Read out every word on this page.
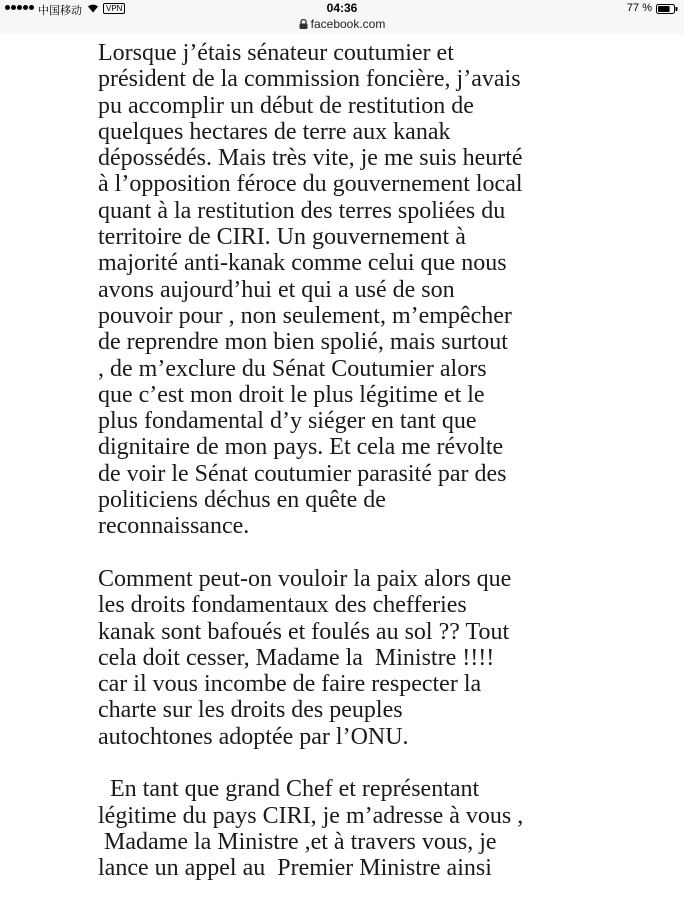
中国移动	VPN	04:36	77 %
facebook.com
Lorsque j’étais sénateur coutumier et
président de la commission foncière, j’avais
pu accomplir un début de restitution de
quelques hectares de terre aux kanak
dépossédés. Mais très vite, je me suis heurté
à l’opposition féroce du gouvernement local
quant à la restitution des terres spoliées du
territoire de CIRI. Un gouvernement à
majorité anti-kanak comme celui que nous
avons aujourd’hui et qui a usé de son
pouvoir pour , non seulement, m’empêcher
de reprendre mon bien spolié, mais surtout
, de m’exclure du Sénat Coutumier alors
que c’est mon droit le plus légitime et le
plus fondamental d’y siéger en tant que
dignitaire de mon pays. Et cela me révolte
de voir le Sénat coutumier parasité par des
politiciens déchus en quête de
reconnaissance.
Comment peut-on vouloir la paix alors que
les droits fondamentaux des chefferies
kanak sont bafoués et foulés au sol ?? Tout
cela doit cesser, Madame la  Ministre !!!!
car il vous incombe de faire respecter la
charte sur les droits des peuples
autochtones adoptée par l’ONU.
En tant que grand Chef et représentant
légitime du pays CIRI, je m’adresse à vous ,
Madame la Ministre ,et à travers vous, je
lance un appel au  Premier Ministre ainsi
